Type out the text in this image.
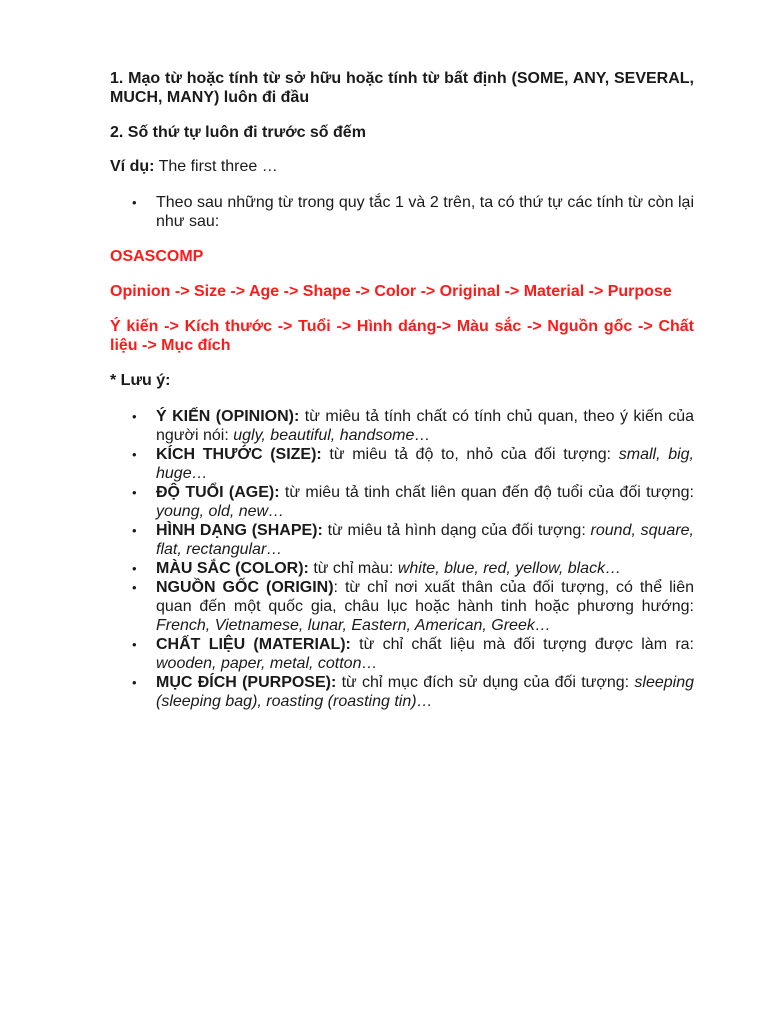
1. Mạo từ hoặc tính từ sở hữu hoặc tính từ bất định (SOME, ANY, SEVERAL, MUCH, MANY) luôn đi đầu

2. Số thứ tự luôn đi trước số đếm

Ví dụ: The first three …

• Theo sau những từ trong quy tắc 1 và 2 trên, ta có thứ tự các tính từ còn lại như sau:

OSASCOMP

Opinion -> Size -> Age -> Shape -> Color -> Original -> Material -> Purpose

Ý kiến -> Kích thước -> Tuổi -> Hình dáng-> Màu sắc -> Nguồn gốc -> Chất liệu -> Mục đích

* Lưu ý:

• Ý KIẾN (OPINION): từ miêu tả tính chất có tính chủ quan, theo ý kiến của người nói: ugly, beautiful, handsome…
• KÍCH THƯỚC (SIZE): từ miêu tả độ to, nhỏ của đối tượng: small, big, huge…
• ĐỘ TUỔI (AGE): từ miêu tả tinh chất liên quan đến độ tuổi của đối tượng: young, old, new…
• HÌNH DẠNG (SHAPE): từ miêu tả hình dạng của đối tượng: round, square, flat, rectangular…
• MÀU SẮC (COLOR): từ chỉ màu: white, blue, red, yellow, black…
• NGUỒN GỐC (ORIGIN): từ chỉ nơi xuất thân của đối tượng, có thể liên quan đến một quốc gia, châu lục hoặc hành tinh hoặc phương hướng: French, Vietnamese, lunar, Eastern, American, Greek…
• CHẤT LIỆU (MATERIAL): từ chỉ chất liệu mà đối tượng được làm ra: wooden, paper, metal, cotton…
• MỤC ĐÍCH (PURPOSE): từ chỉ mục đích sử dụng của đối tượng: sleeping (sleeping bag), roasting (roasting tin)…
